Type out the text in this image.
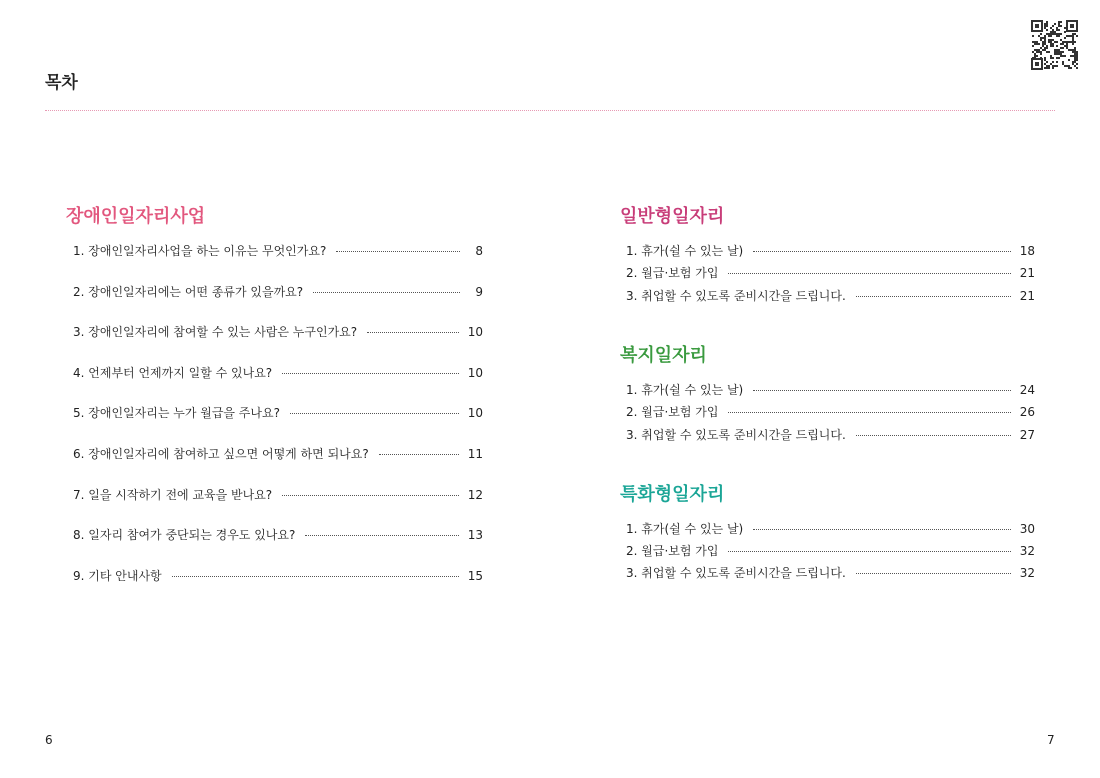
목차
장애인일자리사업
1. 장애인일자리사업을 하는 이유는 무엇인가요?	8
2. 장애인일자리에는 어떤 종류가 있을까요?	9
3. 장애인일자리에 참여할 수 있는 사람은 누구인가요?	10
4. 언제부터 언제까지 일할 수 있나요?	10
5. 장애인일자리는 누가 월급을 주나요?	10
6. 장애인일자리에 참여하고 싶으면 어떻게 하면 되나요?	11
7. 일을 시작하기 전에 교육을 받나요?	12
8. 일자리 참여가 중단되는 경우도 있나요?	13
9. 기타 안내사항	15
일반형일자리
1. 휴가(쉴 수 있는 날)	18
2. 월급·보험 가입	21
3. 취업할 수 있도록 준비시간을 드립니다.	21
복지일자리
1. 휴가(쉴 수 있는 날)	24
2. 월급·보험 가입	26
3. 취업할 수 있도록 준비시간을 드립니다.	27
특화형일자리
1. 휴가(쉴 수 있는 날)	30
2. 월급·보험 가입	32
3. 취업할 수 있도록 준비시간을 드립니다.	32
6	7
